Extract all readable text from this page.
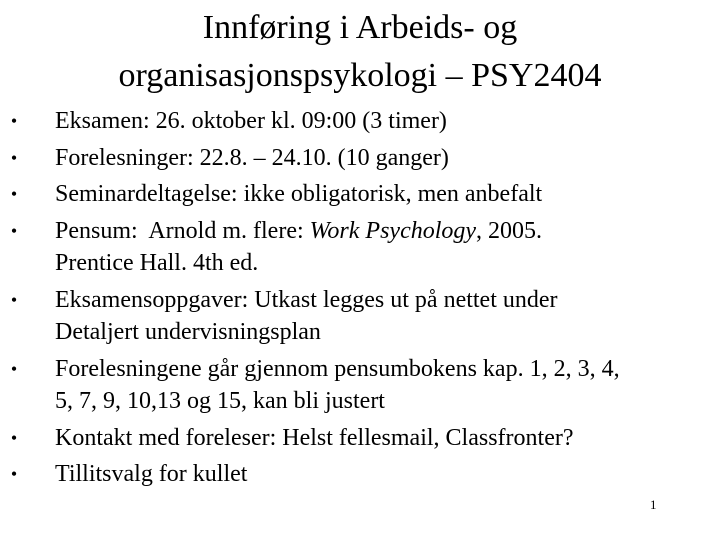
Innføring i Arbeids- og
organisasjonspsykologi – PSY2404
• Eksamen: 26. oktober kl. 09:00 (3 timer)
• Forelesninger: 22.8. – 24.10. (10 ganger)
• Seminardeltagelse: ikke obligatorisk, men anbefalt
• Pensum:  Arnold m. flere: Work Psychology, 2005.
Prentice Hall. 4th ed.
• Eksamensoppgaver: Utkast legges ut på nettet under
Detaljert undervisningsplan
• Forelesningene går gjennom pensumbokens kap. 1, 2, 3, 4,
5, 7, 9, 10,13 og 15, kan bli justert
• Kontakt med foreleser: Helst fellesmail, Classfronter?
• Tillitsvalg for kullet
1
